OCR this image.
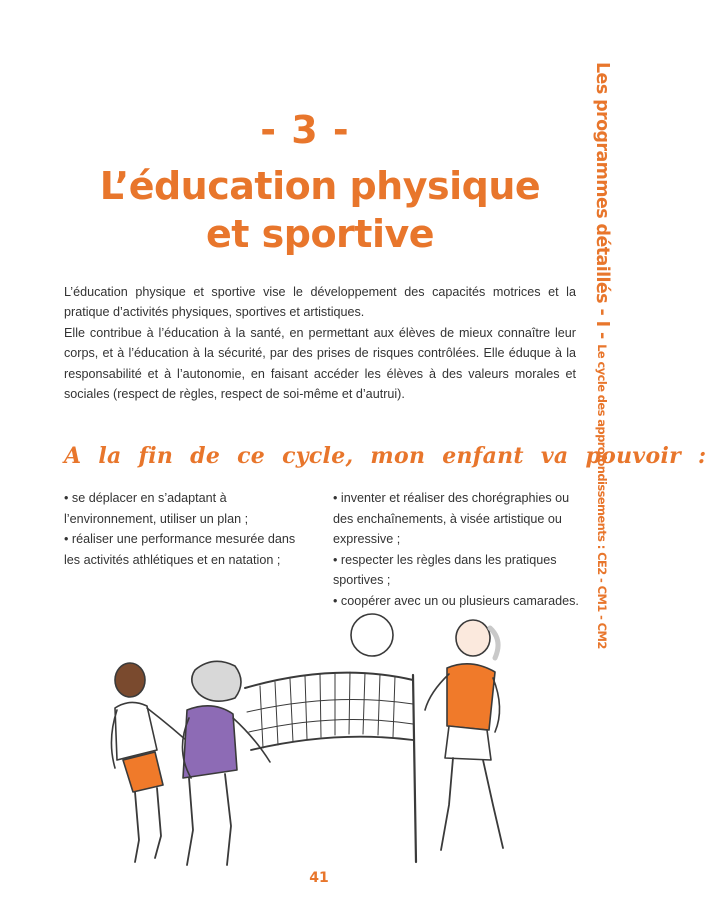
Les programmes détaillés - I - Le cycle des approfondissements : CE2 - CM1 - CM2
- 3 -
L’éducation physique
et sportive

L’éducation physique et sportive vise le développement des capacités motrices et la pratique d’activités physiques, sportives et artistiques.

Elle contribue à l’éducation à la santé, en permettant aux élèves de mieux connaître leur corps, et à l’éducation à la sécurité, par des prises de risques contrôlées. Elle éduque à la responsabilité et à l’autonomie, en faisant accéder les élèves à des valeurs morales et sociales (respect de règles, respect de soi-même et d’autrui).

A la fin de ce cycle, mon enfant va pouvoir :

• se déplacer en s’adaptant à l’environnement, utiliser un plan ;

• réaliser une performance mesurée dans les activités athlétiques et en natation ;

• inventer et réaliser des chorégraphies ou des enchaînements, à visée artistique ou expressive ;

• respecter les règles dans les pratiques sportives ;

• coopérer avec un ou plusieurs camarades.

41
